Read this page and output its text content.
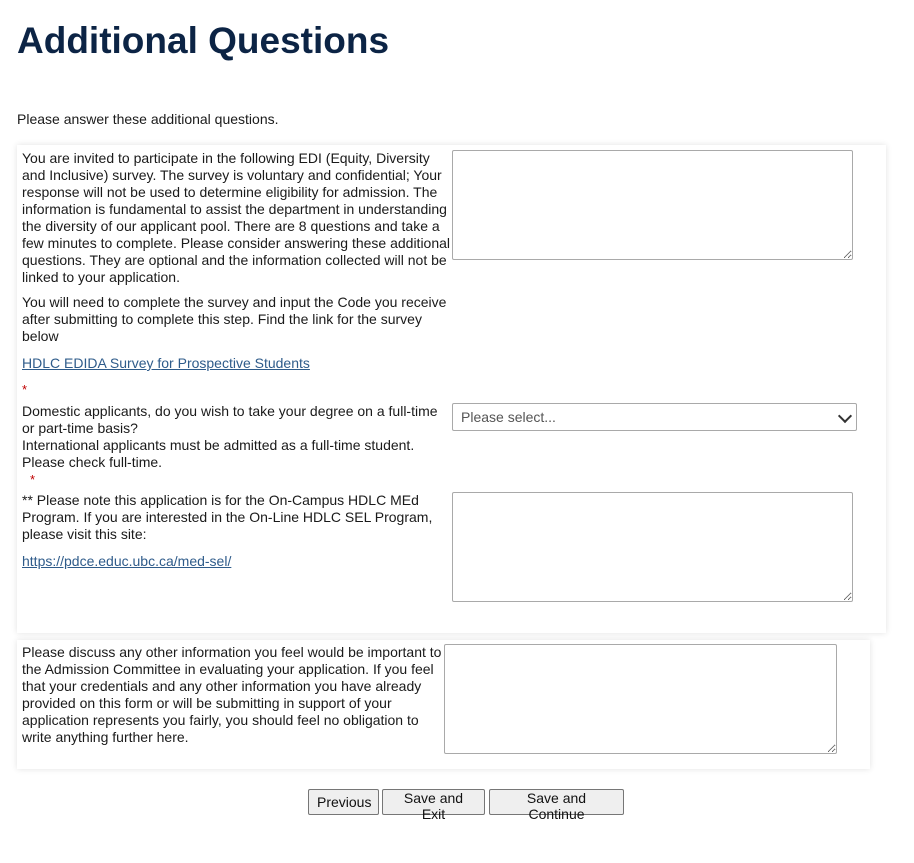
Additional Questions
Please answer these additional questions.
You are invited to participate in the following EDI (Equity, Diversity and Inclusive) survey. The survey is voluntary and confidential; Your response will not be used to determine eligibility for admission. The information is fundamental to assist the department in understanding the diversity of our applicant pool. There are 8 questions and take a few minutes to complete. Please consider answering these additional questions. They are optional and the information collected will not be linked to your application.
You will need to complete the survey and input the Code you receive after submitting to complete this step. Find the link for the survey below
HDLC EDIDA Survey for Prospective Students
*
Domestic applicants, do you wish to take your degree on a full-time or part-time basis?
International applicants must be admitted as a full-time student. Please check full-time.
Please select...
*
** Please note this application is for the On-Campus HDLC MEd Program. If you are interested in the On-Line HDLC SEL Program, please visit this site:
https://pdce.educ.ubc.ca/med-sel/
Please discuss any other information you feel would be important to the Admission Committee in evaluating your application. If you feel that your credentials and any other information you have already provided on this form or will be submitting in support of your application represents you fairly, you should feel no obligation to write anything further here.
Previous	Save and Exit
Save and Continue
